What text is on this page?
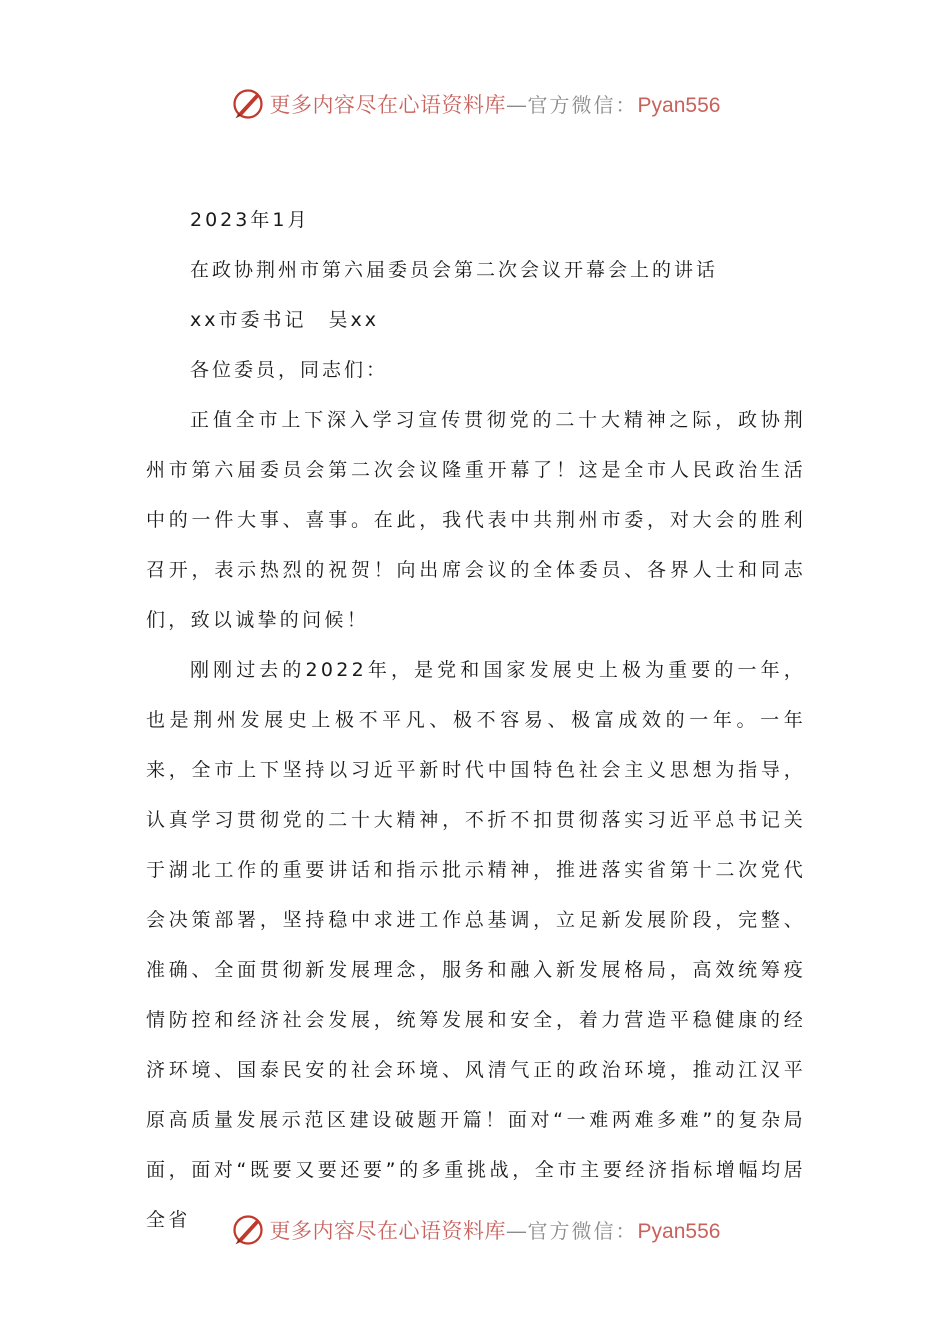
更多内容尽在心语资料库—官方微信：Pyan556
2023年1月
在政协荆州市第六届委员会第二次会议开幕会上的讲话
xx市委书记　吴xx
各位委员，同志们：

正值全市上下深入学习宣传贯彻党的二十大精神之际，政协荆州市第六届委员会第二次会议隆重开幕了！这是全市人民政治生活中的一件大事、喜事。在此，我代表中共荆州市委，对大会的胜利召开，表示热烈的祝贺！向出席会议的全体委员、各界人士和同志们，致以诚挚的问候！

刚刚过去的2022年，是党和国家发展史上极为重要的一年，也是荆州发展史上极不平凡、极不容易、极富成效的一年。一年来，全市上下坚持以习近平新时代中国特色社会主义思想为指导，认真学习贯彻党的二十大精神，不折不扣贯彻落实习近平总书记关于湖北工作的重要讲话和指示批示精神，推进落实省第十二次党代会决策部署，坚持稳中求进工作总基调，立足新发展阶段，完整、准确、全面贯彻新发展理念，服务和融入新发展格局，高效统筹疫情防控和经济社会发展，统筹发展和安全，着力营造平稳健康的经济环境、国泰民安的社会环境、风清气正的政治环境，推动江汉平原高质量发展示范区建设破题开篇！面对“一难两难多难”的复杂局面，面对“既要又要还要”的多重挑战，全市主要经济指标增幅均居全省	更多内容尽在心语资料库—官方微信：Pyan556
